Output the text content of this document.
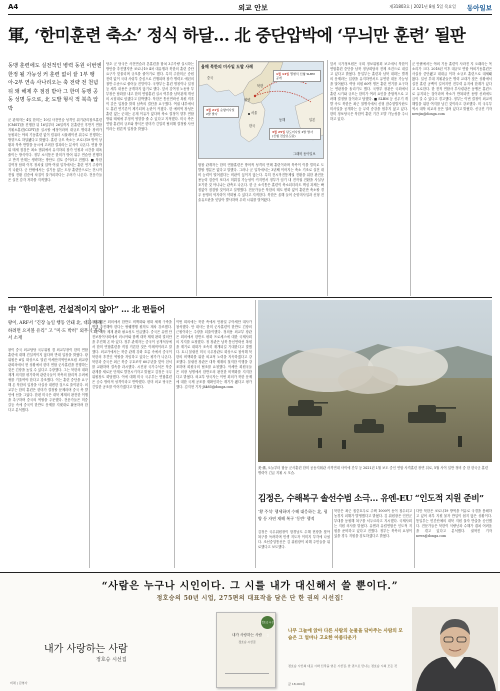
A4	외교 안보	제31803호 | 2021년 8월 5일 목요일 동아일보
軍, ‘한미훈련 축소’ 정식 하달… 北 중단압박에 ‘무늬만 훈련’ 될판
동맹 훈련에도 실전적인 병력 동원 이번엔 한정 될 가능성 커 훈련 없이 끝 1부 땡아-2부 연속 사나리오는 축 전략 전 천념 뒤 돼 해제 후 점검 받아 그 한미 동맹 공동 성명 등으로, 北 도발 형식 적 북측 압박
군 관계자는 4일 한미는 10일 사전연습 성격인 위기관리참모훈련(CMST)을 진행한 뒤 16일부터 26일까지 본훈련인 후반기 연합지휘소훈련(CCPT)을 실시할 예정이라며 대규모 병력과 장비가 동원되는 야외 기동훈련 없이 컴퓨터 시뮬레이션 위주로 진행하는 방향으로 하달됐다고 밝혔다. 훈련 규모 축소는 코로나19 방역 상황과 북측 반발을 동시에 고려한 결과라는 분석이 나온다. 연합 방위 태세 점검은 최소 범위에서 유지하되 참가 인원과 시간을 대폭 줄이는 방식이다. 정부 소식통은 한미가 방어 위주 연습만 진행하고 반격 단계는 생략하는 방안도 검토 중이라고 전했다. ■ 북한 김여정 담화 이후 정치권 압박 여권 일각에서는 훈련 연기 주장까지 나왔다. 군 안팎에서는 실기동 없는 도상 훈련만으로는 전시작전권 전환 검증에 차질이 불가피하다는 우려가 나온다. 전문가들은 실전 감각 저하를 지적했다.
당초 군 당국은 사전연습과 본훈련을 합쳐 3주가량 실시하는 방안을 추진했지만 코로나19 4차 대유행과 북한의 훈련 중단 요구가 맞물리며 규모를 줄이기로 했다. 특히 주한미군 증원 전력 없이 국내 사령부 중심으로 진행되며 참가 병력도 예년의 절반 수준으로 줄어들 전망이다. 국방부는 훈련 명칭이나 일정 등 세부 내용은 공개하지 않기로 했다. 앞서 김여정 노동당 부부장은 담화를 내고 한미 연합훈련 실시 여부를 남북관계 개선의 시험대로 삼겠다고 압박했다. 북한은 통신연락선 복원 직후 이 같은 입장을 밝혀 남측의 결단을 요구했다. 여권 내부에서도 훈련 연기론이 제기되며 논란이 커졌다. 한 예비역 장성은 훈련 없는 군대는 존재 이유가 없다며 축소 결정이 향후 연합 방위 태세에 부정적 영향을 줄 수 있다고 지적했다. 미국 측은 연합 훈련의 규모와 방식은 한미가 긴밀히 협의해 결정할 사안이라는 원론적 입장을 밝혔다.
올해 북한의 미사일 도발 사례
중국
북한
평양
서울
한국
동해	일본
1월 14일 열병식 신형 SLBM 공개
3월 21일 순항미사일 2발 발사
3월 25일 탄도미사일 2발 발사 (신형 전술유도탄)
그래픽 동아일보
합참 관계자는 한미 연합훈련은 방어적 성격의 연례 훈련이라며 북측이 이를 빌미로 도발할 명분은 없다고 말했다. 그러나 군 일각에서는 3년째 이어지는 축소 기조로 실전 대비 능력이 떨어졌다는 비판이 끊이지 않는다. 특히 전시작전통제권 전환을 위한 완전운용능력 검증이 또다시 미뤄질 가능성이 커지면서 정부가 임기 내 전작권 전환을 사실상 포기한 것 아니냐는 관측도 나온다. 한 군 소식통은 훈련이 축소되더라도 핵심 과제는 빠짐없이 점검할 것이라고 설명했다. 전문가들은 북한의 태도 변화 없이 훈련만 축소할 경우 동맹의 억지력이 약화될 수 있다고 지적한다. 북한은 올해 들어 순항미사일과 신형 전술유도탄을 잇달아 발사하며 무력 시위를 벌여왔다.
앞서 국가정보원은 국회 정보위원회 보고에서 북한이 연합훈련 중단을 남북 정상회담의 전제 조건으로 내걸고 있다고 밝혔다. 통일부는 훈련과 남북 대화는 별개의 문제라는 입장을 유지하면서도 유연한 대응 가능성을 열어뒀다. 여당 의원 60여 명은 훈련 연기를 요구하는 연판장을 돌리기도 했다. 국방부 장관은 국회에서 훈련 시기와 규모는 한미가 여러 요인을 종합적으로 고려해 결정할 것이라고 답했다. ■ SLBM 등 신무기 개발 속도 북한은 최근 열병식에서 신형 잠수함발사탄도미사일을 공개하는 등 무력 증강을 멈추지 않고 있다. 한미 정보당국은 북한이 훈련 기간 도발 가능성을 주시하고 있다.
군 안팎에서는 야외 기동 훈련이 사라진 지 오래라는 목소리가 크다. 2018년 이후 대규모 연합 야외기동훈련은 사실상 중단됐고 대대급 이하 소규모 훈련으로 대체돼 왔다. 일선 부대 지휘관들은 병력 교대가 잦은 상황에서 실전 훈련 공백이 길어지면 전투력 유지에 한계가 있다고 토로한다. 한 전직 연합사 부사령관은 동맹은 훈련으로 유지되는 것이라며 축소가 반복되면 동맹 신뢰에도 금이 갈 수 있다고 경고했다. 정부는 이번 결정이 외교적 해법을 위한 여지를 남긴 것이라고 강조했다. 미 국무부 역시 대북 외교의 문은 열려 있다고 밝혔다. 신규진 기자 newjin@donga.com
中 “한미훈련, 건설적이지 않아” … 北 편들어
왕이, ARF서 “긴장 높일 행동 안돼 北, 대화 재개하려면 요저볼 유리” 고 “미·도 박히” 외무석 올려서 소재
왕이 중국 외교담당 국무위원 겸 외교부장이 한미 연합훈련에 대해 건설적이지 않다며 반대 입장을 밝혔다. 왕 위원은 6일 화상으로 열린 아세안지역안보포럼 외교장관회의에서 현 상황에서 한미 연합 군사훈련을 진행하는 것은 긴장을 높일 수 있다고 주장했다. 그는 북한의 대화 재개 의지를 평가하며 관련국들이 북측의 합리적 우려에 귀를 기울여야 한다고 강조했다. 이는 훈련 중단을 요구해 온 북한의 입장을 사실상 대변한 것으로 풀이된다. 외교부는 한미 훈련은 한미가 결정할 문제라며 중국 측 발언에 선을 그었다. 한편 미국은 대북 제재의 완전한 이행을 촉구하며 중국의 역할을 주문했다. 전문가들은 미중 갈등 속에 중국이 한반도 문제를 지렛대로 활용하려 한다고 분석했다.
왕 위원은 회의에서 한반도 비핵화와 평화 체제 구축을 병행 추진해야 한다는 쌍궤병행 원칙도 재차 강조했다. 그는 대북 제재 완화 필요성도 언급했다. 중국은 유엔 안전보장이사회에서 러시아와 함께 대북 제재 완화 결의안을 추진해 온 바 있다. 정부 관계자는 중국이 공개석상에서 한미 연합훈련을 직접 거론한 것은 이례적이라고 말했다. 외교가에서는 북중 관계 강화 흐름 속에서 중국이 북한의 후견인 역할을 자임하고 있다는 평가가 나온다. 북한과 중국은 최근 북중 우호조약 60주년을 맞아 친서를 교환하며 결속을 과시했다. 시진핑 국가주석은 북중 관계를 새로운 단계로 발전시키자고 밝혔고 김정은 국무위원장도 화답했다. 이에 대해 미국 국무부는 연합훈련은 순수 방어적 성격이라고 반박했다. 한미 외교 당국은 긴밀한 공조를 이어가겠다고 밝혔다.
이번 회의에는 북한 측에서 안광일 주아세안 대사가 참석했다. 안 대사는 한미 군사훈련이 한반도 긴장의 근원이라는 주장을 되풀이했다. 정의용 외교부 장관은 회의에서 한반도 평화 프로세스에 대한 국제사회의 지지를 요청했다. 정 장관은 남북 통신연락선 복원을 계기로 대화가 조속히 재개되길 기대한다고 말했다. 토니 블링컨 미국 국무장관도 화상으로 참석해 북한의 비핵화를 위한 외교적 노력을 지속하겠다고 강조했다. 블링컨 장관은 대북 제재의 철저한 이행을 강조하며 회원국의 협조를 요청했다. 아세안 회원국들은 의장 성명에서 한반도의 완전한 비핵화를 지지한다고 밝혔다. 외교부 당국자는 이번 회의가 북한 문제에 대한 국제 공조를 재확인하는 계기가 됐다고 평가했다. 김지현 기자 jhk85@donga.com
美·佛, 오늘부터 합동 군사훈련 한미 공동지휘관 사격연대 사이에 간부 등 2021년 1월 보도 중인 연합 사격훈련 장면 뒤로, 5월 사이 일반 정비 중 한 한국군 훈련 병력이 긴급 지휘 시 모습.
김정은, 수해복구 솔선수범 소극… 유엔-EU “인도적 지원 준비”
‘황 주석’ 행세하며 수해 대응하는 北, 평양 등 자연 재해 복구 ‘동반’ 행적
김정은 국무위원장이 함경남도 수해 현장을 찾아 복구를 독려하며 민생 지도자 이미지 부각에 나섰다. 조선중앙통신은 김 위원장이 피해 주민들을 위로했다고 보도했다.
북한은 최근 집중호우로 주택 1000여 동이 침수되고 농경지 피해가 발생했다고 밝혔다. 김 위원장은 인민군 부대를 동원해 복구를 서두르라고 지시했다. 국제사회는 지원 의사를 밝혔다. 유엔과 유럽연합은 인도적 지원을 준비하고 있다고 전했다. 정부는 북측의 요청이 있을 경우 지원을 검토하겠다고 밝혔다.
다만 북한은 코로나19 방역을 이유로 국경을 봉쇄하고 있어 외부 지원 물자 반입이 쉽지 않은 상황이다. 통일부는 민간단체의 대북 지원 물자 반출을 승인했다. 전문가들은 북한이 식량난과 수해가 겹쳐 어려움을 겪고 있다고 분석했다. 권혁진 기자 news@donga.com
“사람은 누구나 시인이다. 그 시를 내가 대신해서 쓸 뿐이다.”
정호승의 50년 시업, 275편의 대표작을 담은 단 한 권의 시선집!
내가 사랑하는 사람
정호승 시선집
정호승 시선집
내가 사랑하는 사람
정호승 시선집
나무 그늘에 앉아 다른 사람의 눈물을 닦아주는 사람의 모습은 그 얼마나 고요한 아름다운가
정호승 시인의 대표 시와 신작을 엮은 시선집, 한 권으로 만나는 정호승 시의 모든 것
값 18,000원
비채 | 김영사
